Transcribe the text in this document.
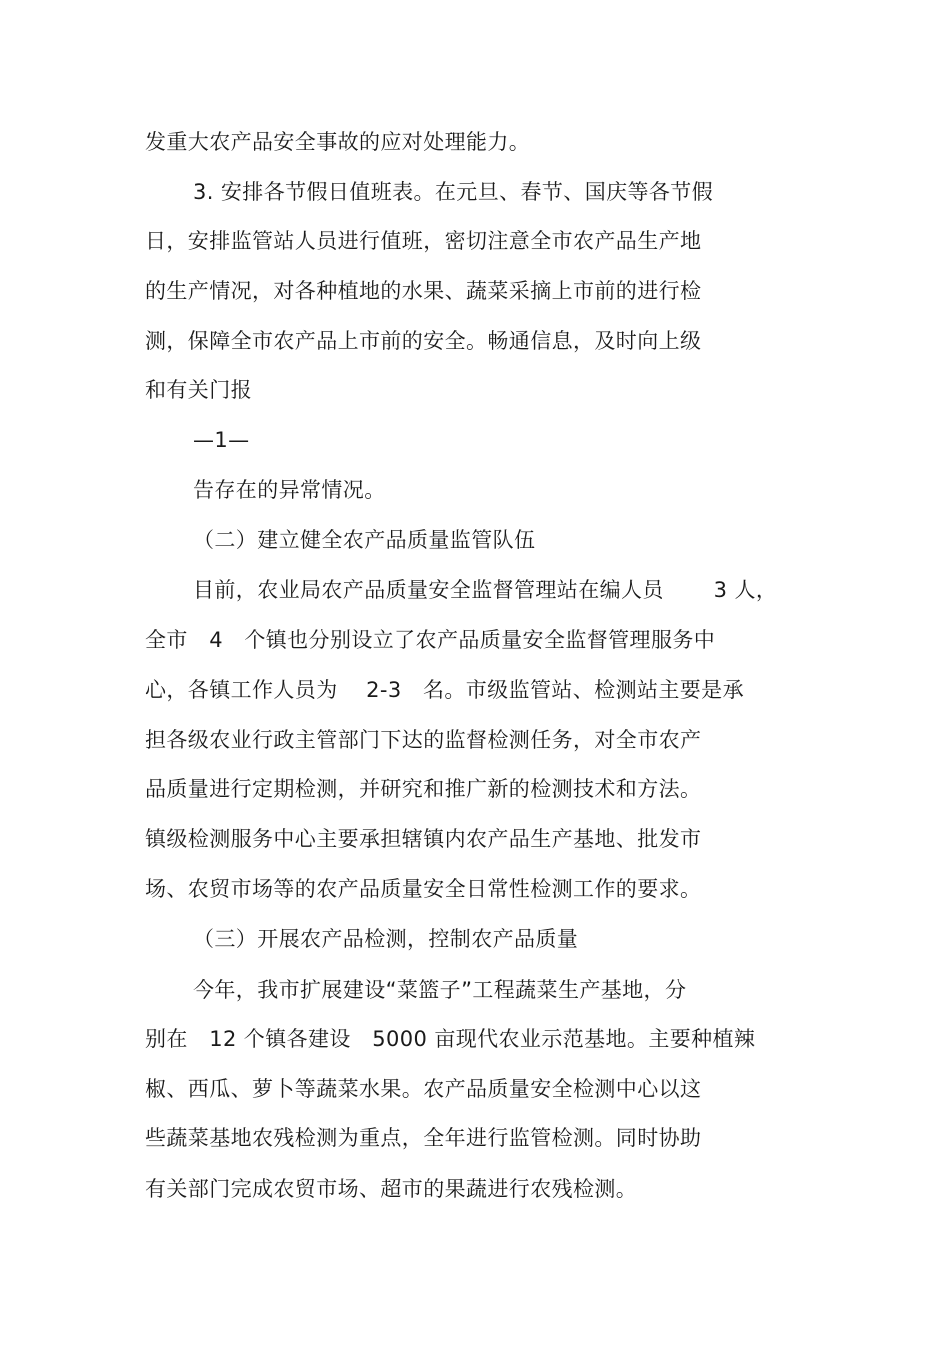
发重大农产品安全事故的应对处理能力。
3. 安排各节假日值班表。在元旦、春节、国庆等各节假
日，安排监管站人员进行值班，密切注意全市农产品生产地
的生产情况，对各种植地的水果、蔬菜采摘上市前的进行检
测，保障全市农产品上市前的安全。畅通信息，及时向上级
和有关门报
—1—
告存在的异常情况。
（二）建立健全农产品质量监管队伍
目前，农业局农产品质量安全监督管理站在编人员　　 3 人，
全市　4　个镇也分别设立了农产品质量安全监督管理服务中
心，各镇工作人员为　 2-3　名。市级监管站、检测站主要是承
担各级农业行政主管部门下达的监督检测任务，对全市农产
品质量进行定期检测，并研究和推广新的检测技术和方法。
镇级检测服务中心主要承担辖镇内农产品生产基地、批发市
场、农贸市场等的农产品质量安全日常性检测工作的要求。
（三）开展农产品检测，控制农产品质量
今年，我市扩展建设“菜篮子”工程蔬菜生产基地，分
别在　12 个镇各建设　5000 亩现代农业示范基地。主要种植辣
椒、西瓜、萝卜等蔬菜水果。农产品质量安全检测中心以这
些蔬菜基地农残检测为重点，全年进行监管检测。同时协助
有关部门完成农贸市场、超市的果蔬进行农残检测。
